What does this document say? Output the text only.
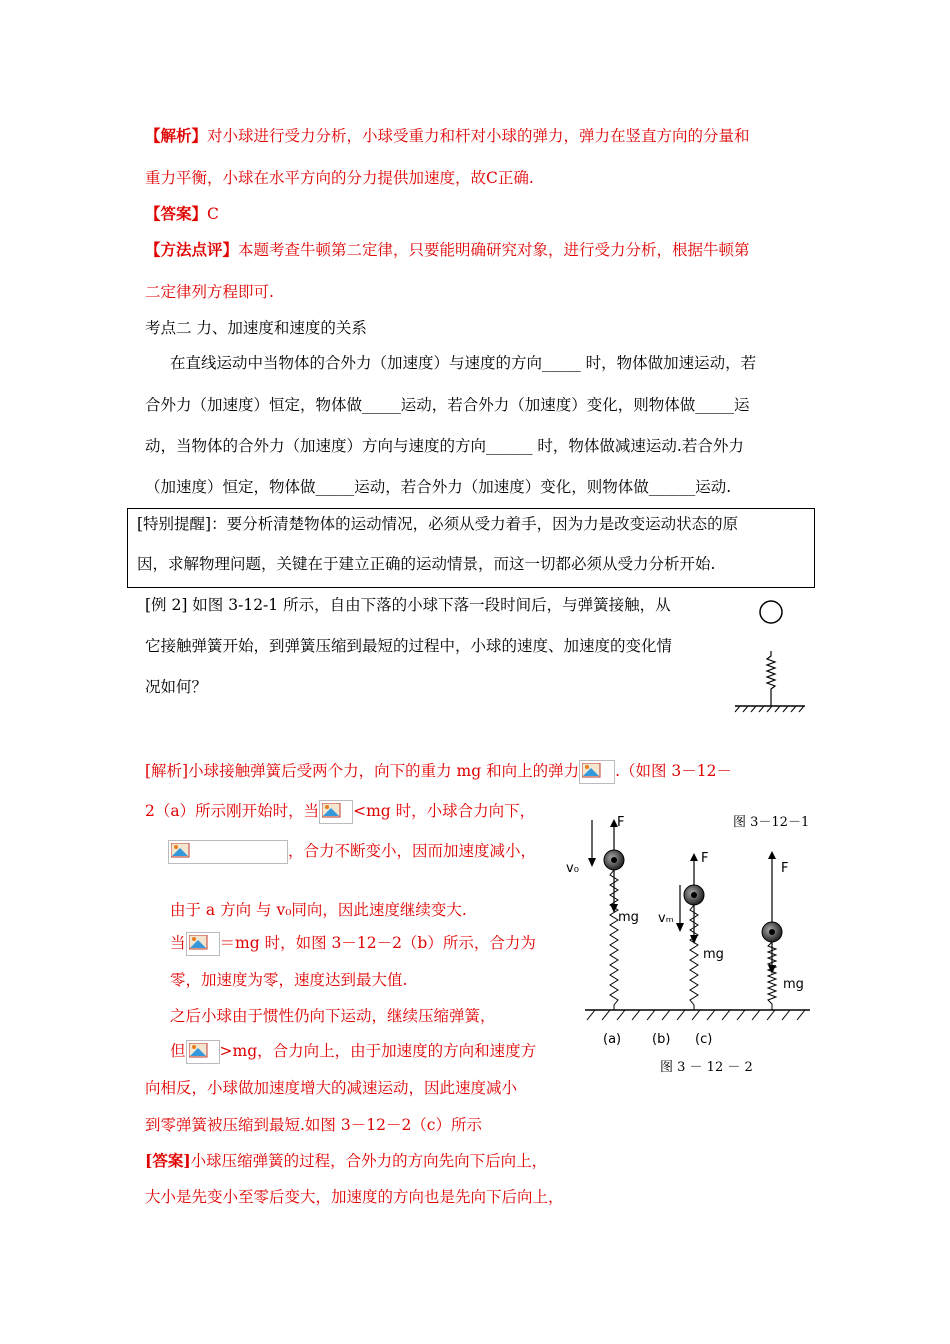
【解析】对小球进行受力分析，小球受重力和杆对小球的弹力，弹力在竖直方向的分量和
重力平衡，小球在水平方向的分力提供加速度，故C正确.
【答案】C
【方法点评】本题考查牛顿第二定律，只要能明确研究对象，进行受力分析，根据牛顿第
二定律列方程即可.
考点二 力、加速度和速度的关系
在直线运动中当物体的合外力（加速度）与速度的方向_____ 时，物体做加速运动，若
合外力（加速度）恒定，物体做_____运动，若合外力（加速度）变化，则物体做_____运
动，当物体的合外力（加速度）方向与速度的方向______ 时，物体做减速运动.若合外力
（加速度）恒定，物体做_____运动，若合外力（加速度）变化，则物体做______运动.
[特别提醒]：要分析清楚物体的运动情况，必须从受力着手，因为力是改变运动状态的原
因，求解物理问题，关键在于建立正确的运动情景，而这一切都必须从受力分析开始.
[例 2] 如图 3-12-1 所示，自由下落的小球下落一段时间后，与弹簧接触，从
它接触弹簧开始，到弹簧压缩到最短的过程中，小球的速度、加速度的变化情
况如何？
[解析]小球接触弹簧后受两个力，向下的重力 mg 和向上的弹力 .（如图 3－12－
2（a）所示刚开始时，当 <mg 时，小球合力向下，
，合力不断变小，因而加速度减小，
由于 a 方向 与 v₀同向，因此速度继续变大.
当 ＝mg 时，如图 3－12－2（b）所示，合力为
零，加速度为零，速度达到最大值.
之后小球由于惯性仍向下运动，继续压缩弹簧，
但 >mg，合力向上，由于加速度的方向和速度方
向相反，小球做加速度增大的减速运动，因此速度减小
到零弹簧被压缩到最短.如图 3－12－2（c）所示
[答案]小球压缩弹簧的过程，合外力的方向先向下后向上，
大小是先变小至零后变大，加速度的方向也是先向下后向上，
图 3－12－1
图 3 － 12 － 2
F
F
F
v₀
vₘ
mg
mg
mg
(a) (b) (c)
